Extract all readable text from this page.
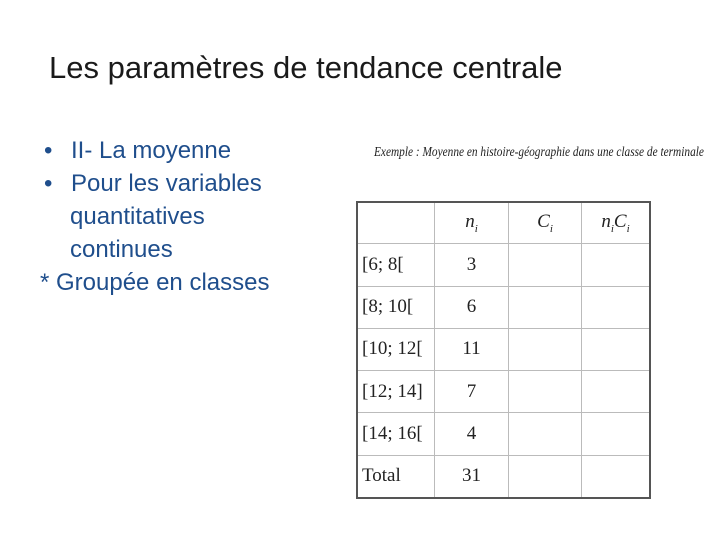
Les paramètres de tendance centrale
• II- La moyenne
• Pour les variables
quantitatives
continues
* Groupée en classes
Exemple : Moyenne en histoire-géographie dans une classe de terminale
	$n_i$	$C_i$	$n_iC_i$
[6; 8[	3		
[8; 10[	6		
[10; 12[	11		
[12; 14]	7		
[14; 16[	4		
Total	31		
